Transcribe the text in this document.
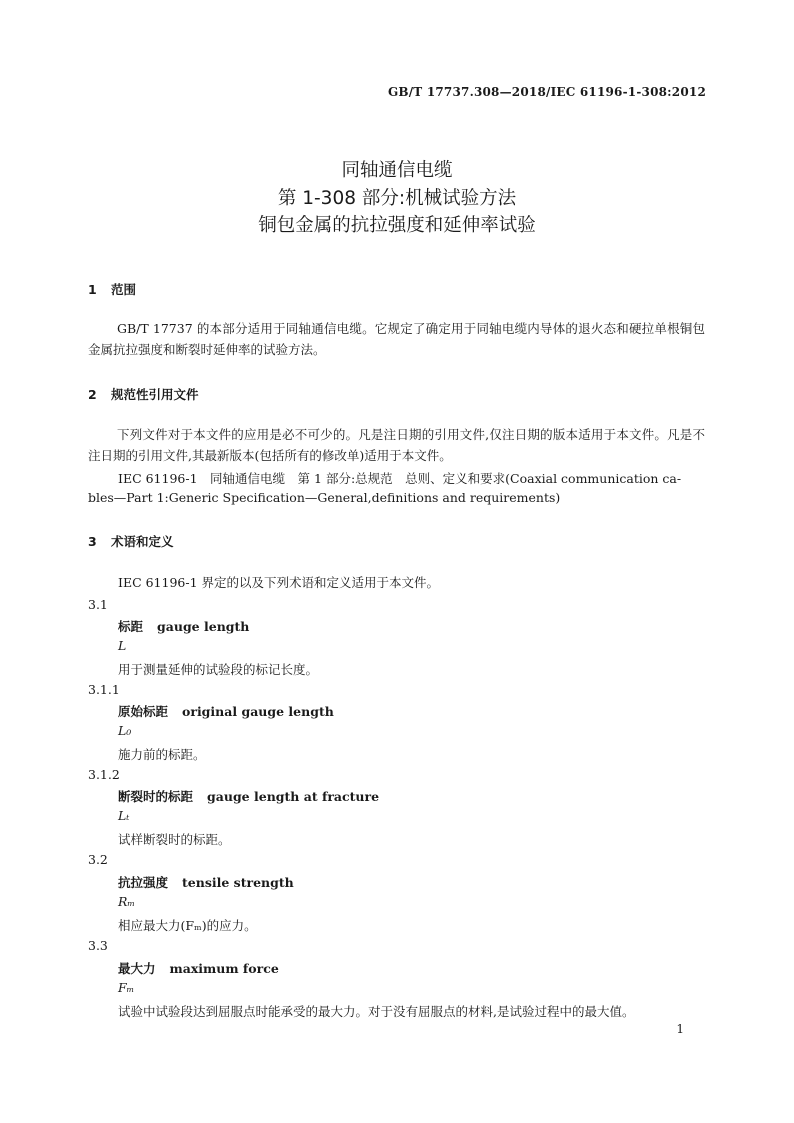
GB/T 17737.308—2018/IEC 61196-1-308:2012
同轴通信电缆
第 1-308 部分:机械试验方法
铜包金属的抗拉强度和延伸率试验
1 范围
GB/T 17737 的本部分适用于同轴通信电缆。它规定了确定用于同轴电缆内导体的退火态和硬拉单根铜包金属抗拉强度和断裂时延伸率的试验方法。
2 规范性引用文件
下列文件对于本文件的应用是必不可少的。凡是注日期的引用文件,仅注日期的版本适用于本文件。凡是不注日期的引用文件,其最新版本(包括所有的修改单)适用于本文件。
IEC 61196-1　同轴通信电缆　第 1 部分:总规范　总则、定义和要求(Coaxial communication ca-
bles—Part 1:Generic Specification—General,definitions and requirements)
3 术语和定义
IEC 61196-1 界定的以及下列术语和定义适用于本文件。
3.1
标距 gauge length
L
用于测量延伸的试验段的标记长度。
3.1.1
原始标距 original gauge length
L₀
施力前的标距。
3.1.2
断裂时的标距 gauge length at fracture
Lₜ
试样断裂时的标距。
3.2
抗拉强度 tensile strength
Rₘ
相应最大力(Fₘ)的应力。
3.3
最大力 maximum force
Fₘ
试验中试验段达到屈服点时能承受的最大力。对于没有屈服点的材料,是试验过程中的最大值。
1
